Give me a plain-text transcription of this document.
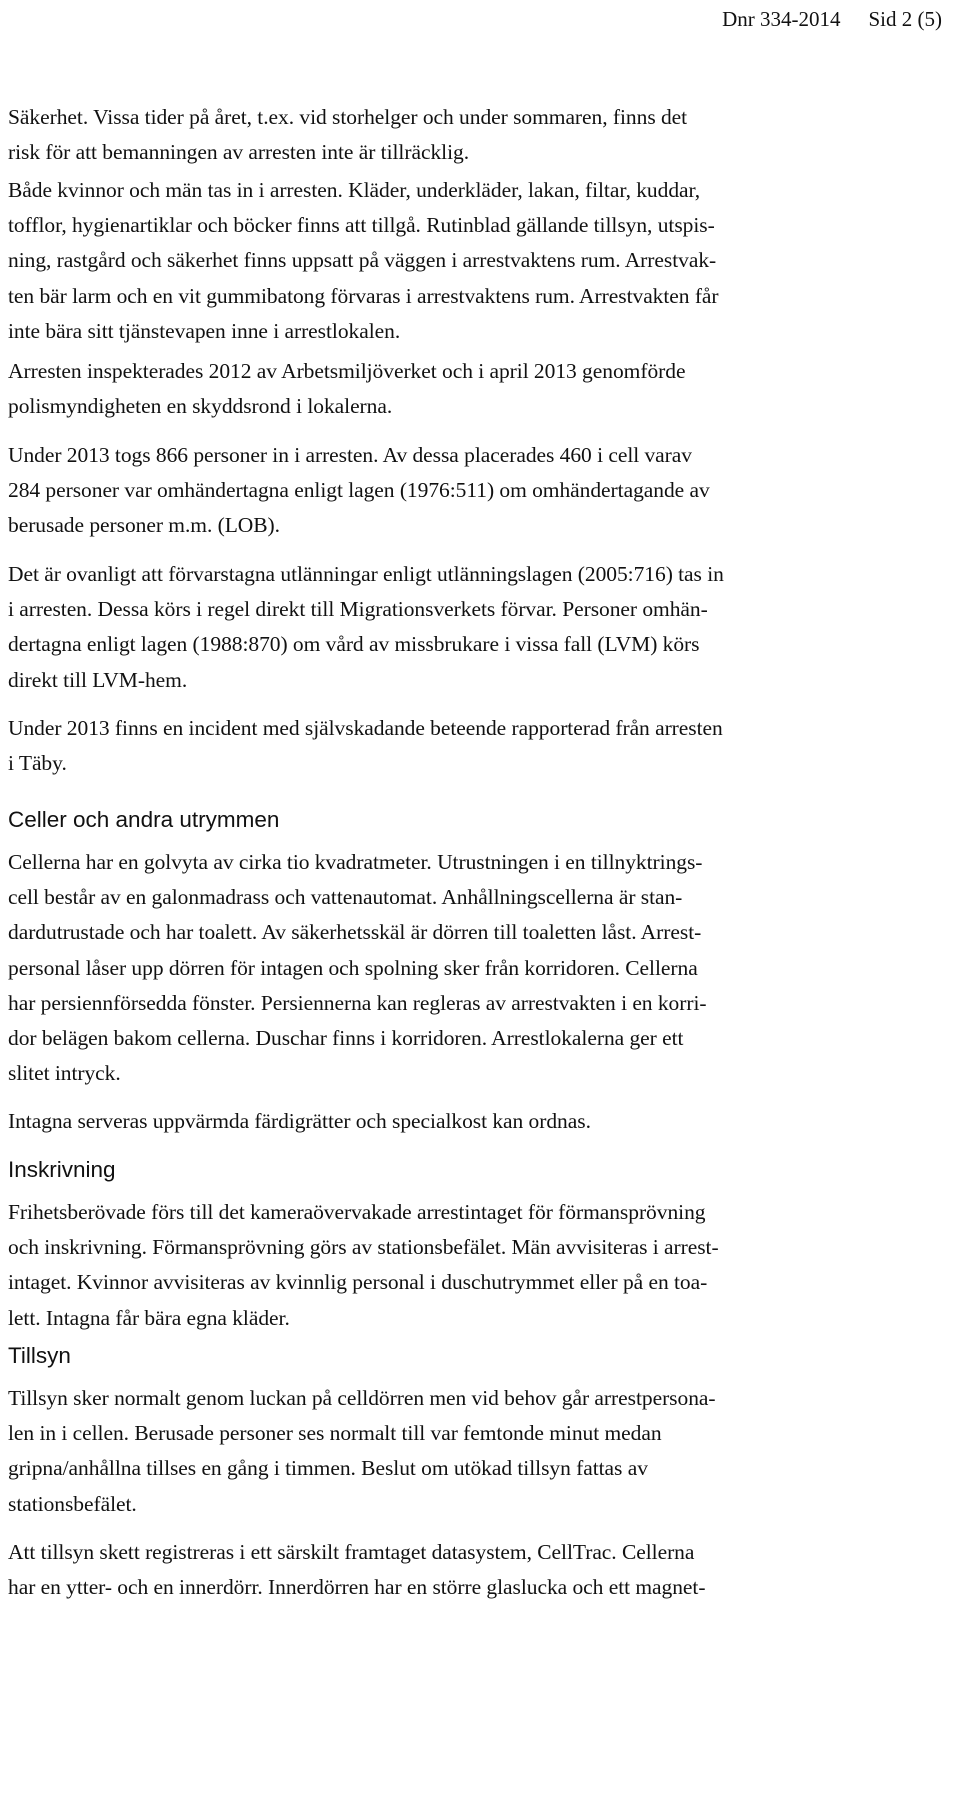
Dnr 334-2014 Sid 2 (5)

Säkerhet. Vissa tider på året, t.ex. vid storhelger och under sommaren, finns det
risk för att bemanningen av arresten inte är tillräcklig.

Både kvinnor och män tas in i arresten. Kläder, underkläder, lakan, filtar, kuddar,
tofflor, hygienartiklar och böcker finns att tillgå. Rutinblad gällande tillsyn, utspis-
ning, rastgård och säkerhet finns uppsatt på väggen i arrestvaktens rum. Arrestvak-
ten bär larm och en vit gummibatong förvaras i arrestvaktens rum. Arrestvakten får
inte bära sitt tjänstevapen inne i arrestlokalen.

Arresten inspekterades 2012 av Arbetsmiljöverket och i april 2013 genomförde
polismyndigheten en skyddsrond i lokalerna.

Under 2013 togs 866 personer in i arresten. Av dessa placerades 460 i cell varav
284 personer var omhändertagna enligt lagen (1976:511) om omhändertagande av
berusade personer m.m. (LOB).

Det är ovanligt att förvarstagna utlänningar enligt utlänningslagen (2005:716) tas in
i arresten. Dessa körs i regel direkt till Migrationsverkets förvar. Personer omhän-
dertagna enligt lagen (1988:870) om vård av missbrukare i vissa fall (LVM) körs
direkt till LVM-hem.

Under 2013 finns en incident med självskadande beteende rapporterad från arresten
i Täby.

Celler och andra utrymmen

Cellerna har en golvyta av cirka tio kvadratmeter. Utrustningen i en tillnyktrings-
cell består av en galonmadrass och vattenautomat. Anhållningscellerna är stan-
dardutrustade och har toalett. Av säkerhetsskäl är dörren till toaletten låst. Arrest-
personal låser upp dörren för intagen och spolning sker från korridoren. Cellerna
har persiennförsedda fönster. Persiennerna kan regleras av arrestvakten i en korri-
dor belägen bakom cellerna. Duschar finns i korridoren. Arrestlokalerna ger ett
slitet intryck.

Intagna serveras uppvärmda färdigrätter och specialkost kan ordnas.

Inskrivning

Frihetsberövade förs till det kameraövervakade arrestintaget för förmansprövning
och inskrivning. Förmansprövning görs av stationsbefälet. Män avvisiteras i arrest-
intaget. Kvinnor avvisiteras av kvinnlig personal i duschutrymmet eller på en toa-
lett. Intagna får bära egna kläder.

Tillsyn

Tillsyn sker normalt genom luckan på celldörren men vid behov går arrestpersona-
len in i cellen. Berusade personer ses normalt till var femtonde minut medan
gripna/anhållna tillses en gång i timmen. Beslut om utökad tillsyn fattas av
stationsbefälet.

Att tillsyn skett registreras i ett särskilt framtaget datasystem, CellTrac. Cellerna
har en ytter- och en innerdörr. Innerdörren har en större glaslucka och ett magnet-
